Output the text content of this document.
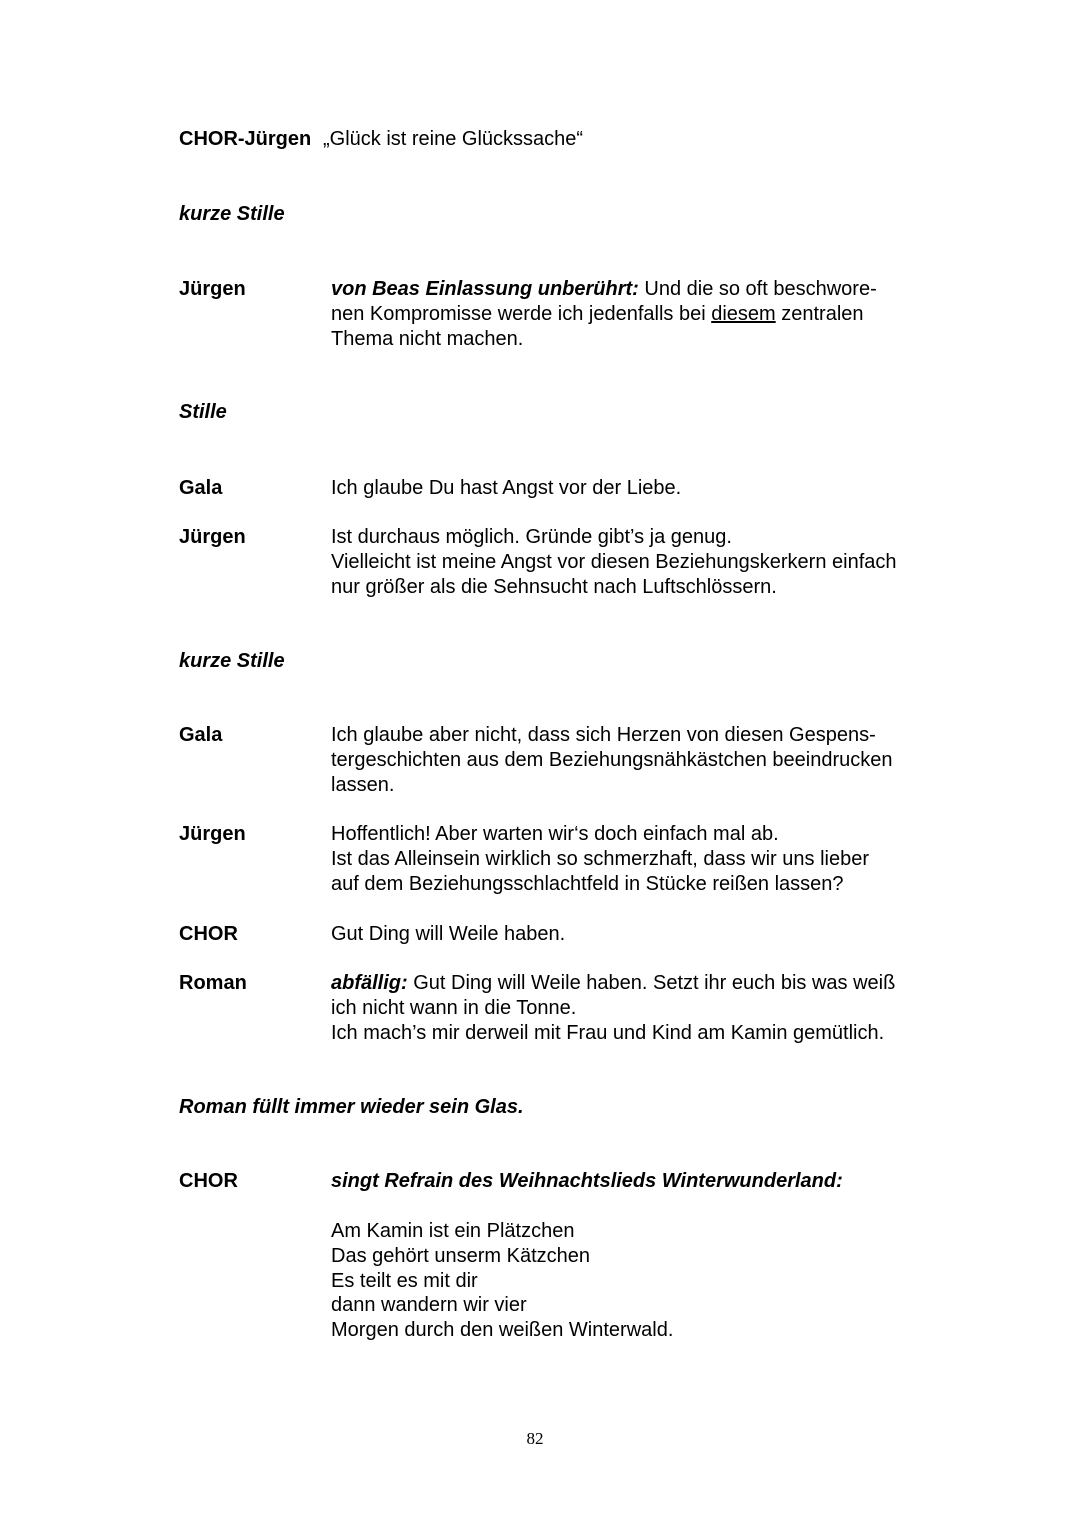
CHOR-Jürgen „Glück ist reine Glückssache“
kurze Stille
Jürgen	von Beas Einlassung unberührt: Und die so oft beschwore-
nen Kompromisse werde ich jedenfalls bei diesem zentralen
Thema nicht machen.
Stille
Gala	Ich glaube Du hast Angst vor der Liebe.
Jürgen	Ist durchaus möglich. Gründe gibt’s ja genug.
Vielleicht ist meine Angst vor diesen Beziehungskerkern einfach
nur größer als die Sehnsucht nach Luftschlössern.
kurze Stille
Gala	Ich glaube aber nicht, dass sich Herzen von diesen Gespens-
tergeschichten aus dem Beziehungsnähkästchen beeindrucken
lassen.
Jürgen	Hoffentlich! Aber warten wir‘s doch einfach mal ab.
Ist das Alleinsein wirklich so schmerzhaft, dass wir uns lieber
auf dem Beziehungsschlachtfeld in Stücke reißen lassen?
CHOR	Gut Ding will Weile haben.
Roman	abfällig: Gut Ding will Weile haben. Setzt ihr euch bis was weiß
ich nicht wann in die Tonne.
Ich mach’s mir derweil mit Frau und Kind am Kamin gemütlich.
Roman füllt immer wieder sein Glas.
CHOR	singt Refrain des Weihnachtslieds Winterwunderland:
Am Kamin ist ein Plätzchen
Das gehört unserm Kätzchen
Es teilt es mit dir
dann wandern wir vier
Morgen durch den weißen Winterwald.
82
